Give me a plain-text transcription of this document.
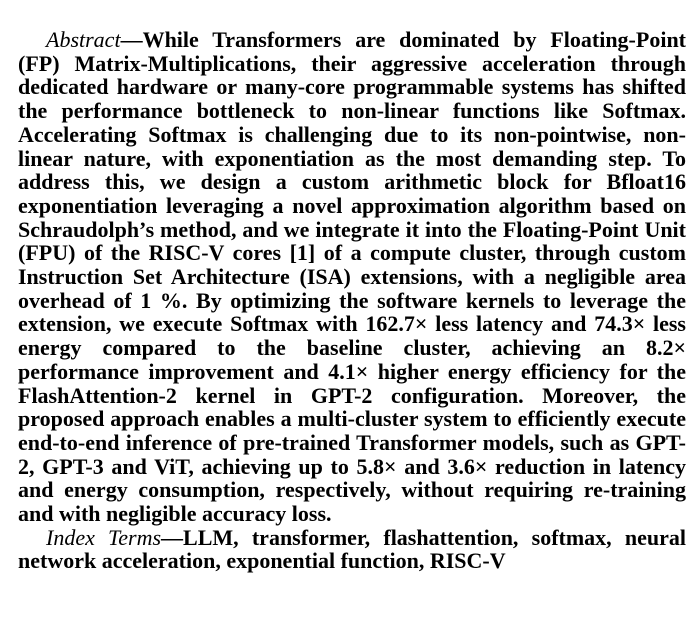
Abstract—While Transformers are dominated by Floating-Point (FP) Matrix-Multiplications, their aggressive acceleration through dedicated hardware or many-core programmable systems has shifted the performance bottleneck to non-linear functions like Softmax. Accelerating Softmax is challenging due to its non-pointwise, non-linear nature, with exponentiation as the most demanding step. To address this, we design a custom arithmetic block for Bfloat16 exponentiation leveraging a novel approximation algorithm based on Schraudolph’s method, and we integrate it into the Floating-Point Unit (FPU) of the RISC-V cores [1] of a compute cluster, through custom Instruction Set Architecture (ISA) extensions, with a negligible area overhead of 1 %. By optimizing the software kernels to leverage the extension, we execute Softmax with 162.7× less latency and 74.3× less energy compared to the baseline cluster, achieving an 8.2× performance improvement and 4.1× higher energy efficiency for the FlashAttention-2 kernel in GPT-2 configuration. Moreover, the proposed approach enables a multi-cluster system to efficiently execute end-to-end inference of pre-trained Transformer models, such as GPT-2, GPT-3 and ViT, achieving up to 5.8× and 3.6× reduction in latency and energy consumption, respectively, without requiring re-training and with negligible accuracy loss.

Index Terms—LLM, transformer, flashattention, softmax, neural network acceleration, exponential function, RISC-V
